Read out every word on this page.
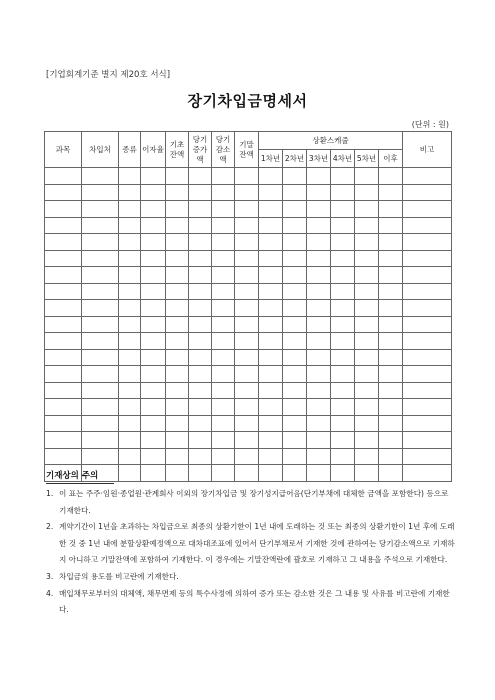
[기업회계기준 별지 제20호 서식]
장기차입금명세서
(단위 : 원)
과목	차입처	종류	이자율	기초 잔액	당기 증가 액	당기 감소 액	기말 잔액	상환스케줄						비고
								1차년	2차년	3차년	4차년	5차년	이후	

기재상의 주의
1. 이 표는 주주·임원·종업원·관계회사 이외의 장기차입금 및 장기성지급어음(단기부채에 대체한 금액을 포함한다) 등으로 기재한다.
2. 계약기간이 1년을 초과하는 차입금으로 최종의 상환기한이 1년 내에 도래하는 것 또는 최종의 상환기한이 1년 후에 도래한 것 중 1년 내에 분할상환예정액으로 대차대조표에 있어서 단기부채로서 기재한 것에 관하여는 당기감소액으로 기재하지 아니하고 기말잔액에 포함하여 기재한다. 이 경우에는 기말잔액란에 괄호로 기재하고 그 내용을 주석으로 기재한다.
3. 차입금의 용도를 비고란에 기재한다.
4. 매입채무로부터의 대체액, 채무면제 등의 특수사정에 의하여 증가 또는 감소한 것은 그 내용 및 사유를 비고란에 기재한다.
